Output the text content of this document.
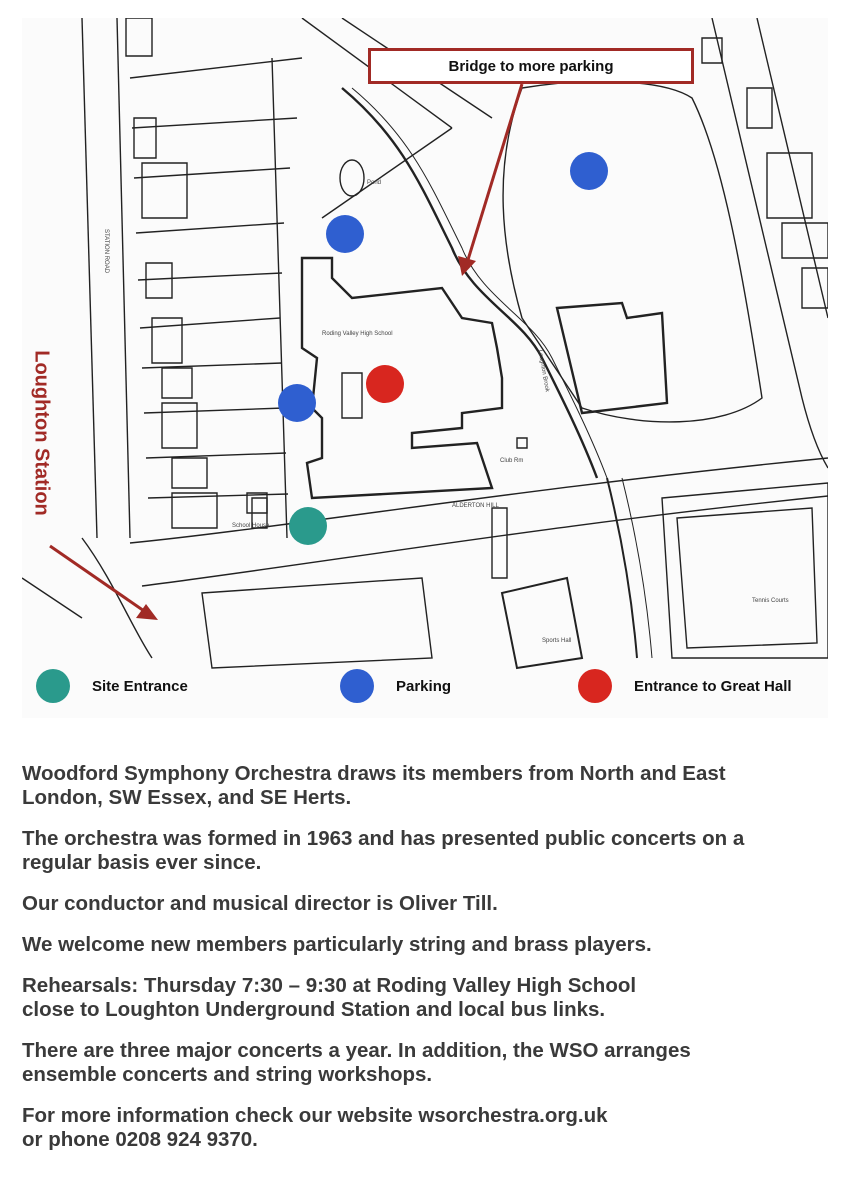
Bridge to more parking
Loughton Station
Roding Valley High School
School House
Loughton Brook
Sports Hall
Tennis Courts
STATION ROAD
ALDERTON HILL
Club Rm
Pond
Site Entrance	Parking	Entrance to Great Hall

Woodford Symphony Orchestra draws its members from North and East
London, SW Essex, and SE Herts.

The orchestra was formed in 1963 and has presented public concerts on a
regular basis ever since.

Our conductor and musical director is Oliver Till.

We welcome new members particularly string and brass players.

Rehearsals: Thursday 7:30 – 9:30 at Roding Valley High School
close to Loughton Underground Station and local bus links.

There are three major concerts a year. In addition, the WSO arranges
ensemble concerts and string workshops.

For more information check our website wsorchestra.org.uk
or phone 0208 924 9370.
